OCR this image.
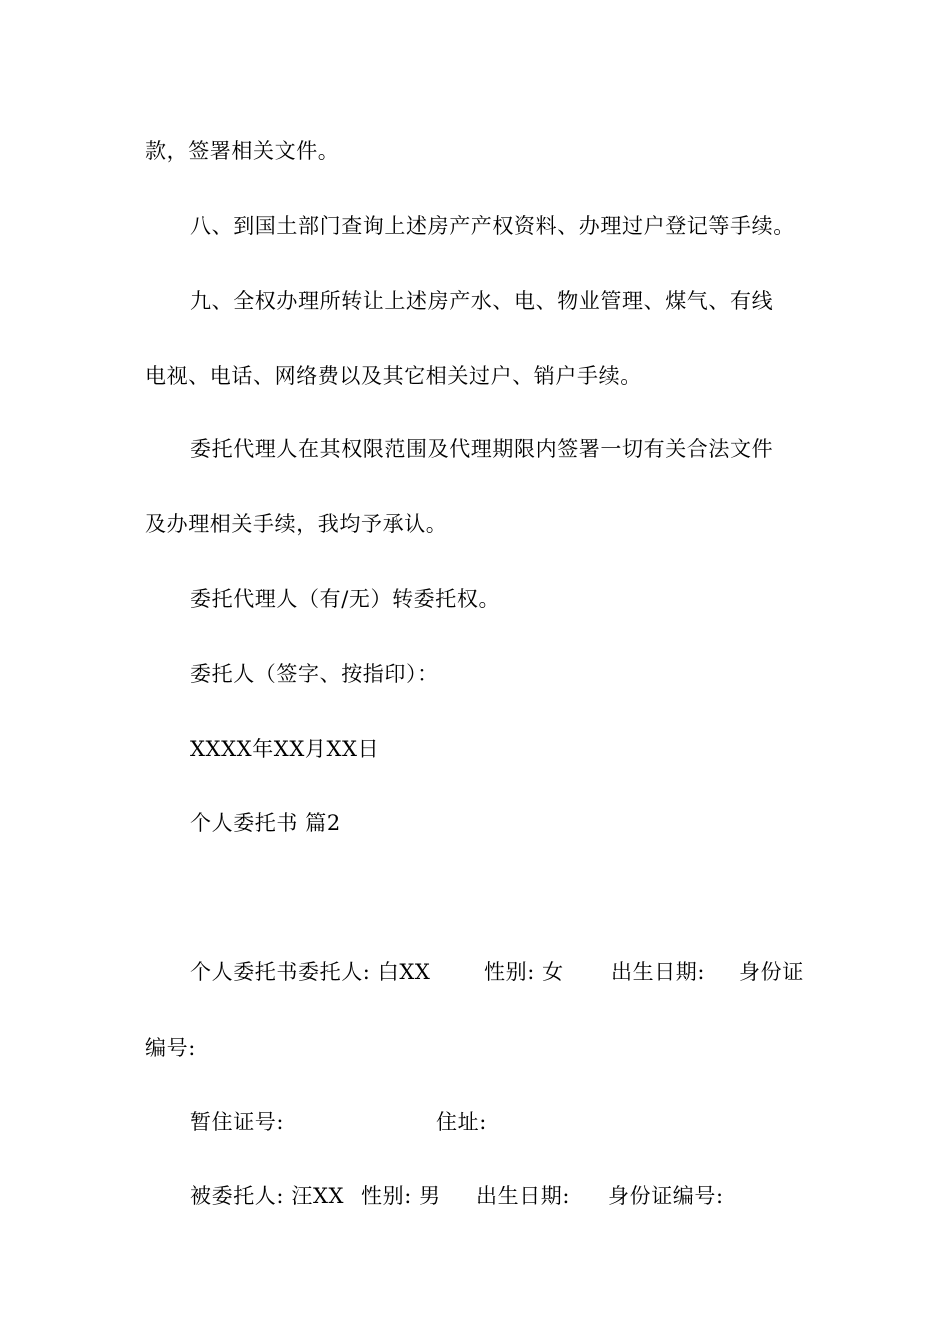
款，签署相关文件。
八、到国土部门查询上述房产产权资料、办理过户登记等手续。
九、全权办理所转让上述房产水、电、物业管理、煤气、有线
电视、电话、网络费以及其它相关过户、销户手续。
委托代理人在其权限范围及代理期限内签署一切有关合法文件
及办理相关手续，我均予承认。
委托代理人（有/无）转委托权。
委托人（签字、按指印）：
XXXX年XX月XX日
个人委托书 篇2
个人委托书委托人: 白XX	性别: 女 出生日期: 身份证
编号:
暂住证号:	住址:
被委托人: 汪XX 性别: 男 出生日期: 身份证编号:
